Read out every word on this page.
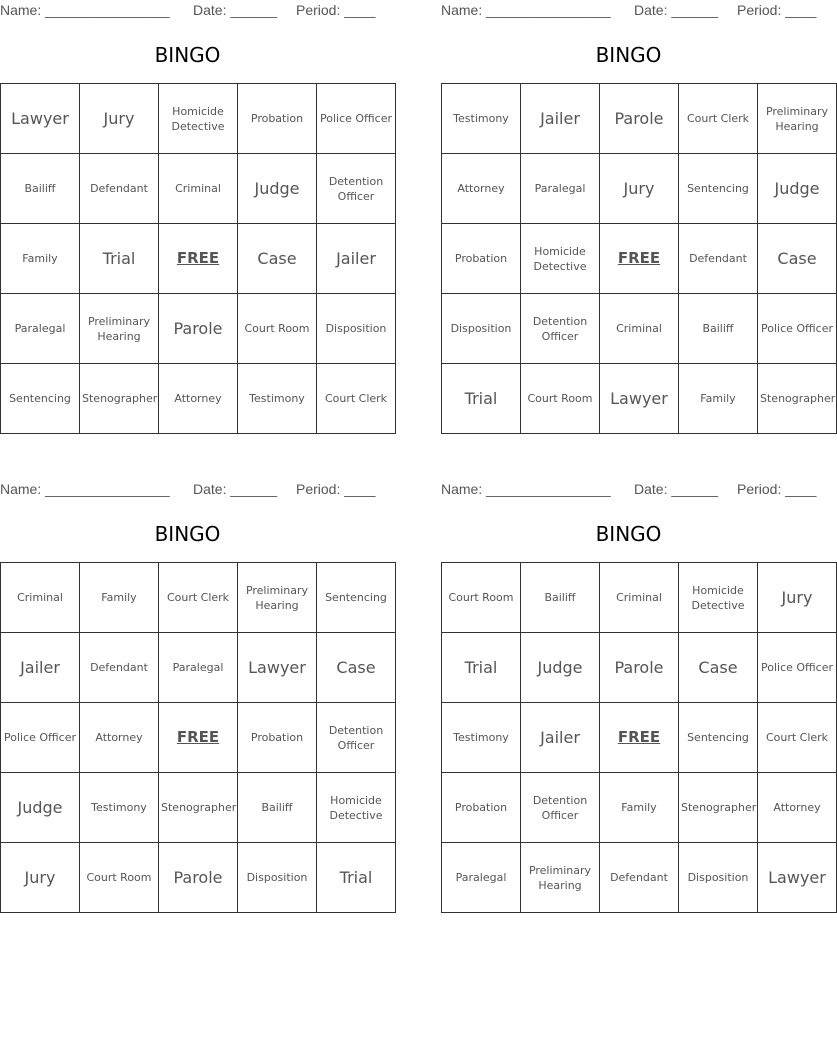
Name: ________________ Date: ______ Period: ____
BINGO
Lawyer	Jury	Homicide Detective	Probation	Police Officer
Bailiff	Defendant	Criminal	Judge	Detention Officer
Family	Trial	FREE	Case	Jailer
Paralegal	Preliminary Hearing	Parole	Court Room	Disposition
Sentencing	Stenographer	Attorney	Testimony	Court Clerk
Name: ________________ Date: ______ Period: ____
BINGO
Testimony	Jailer	Parole	Court Clerk	Preliminary Hearing
Attorney	Paralegal	Jury	Sentencing	Judge
Probation	Homicide Detective	FREE	Defendant	Case
Disposition	Detention Officer	Criminal	Bailiff	Police Officer
Trial	Court Room	Lawyer	Family	Stenographer
Name: ________________ Date: ______ Period: ____
BINGO
Criminal	Family	Court Clerk	Preliminary Hearing	Sentencing
Jailer	Defendant	Paralegal	Lawyer	Case
Police Officer	Attorney	FREE	Probation	Detention Officer
Judge	Testimony	Stenographer	Bailiff	Homicide Detective
Jury	Court Room	Parole	Disposition	Trial
Name: ________________ Date: ______ Period: ____
BINGO
Court Room	Bailiff	Criminal	Homicide Detective	Jury
Trial	Judge	Parole	Case	Police Officer
Testimony	Jailer	FREE	Sentencing	Court Clerk
Probation	Detention Officer	Family	Stenographer	Attorney
Paralegal	Preliminary Hearing	Defendant	Disposition	Lawyer
